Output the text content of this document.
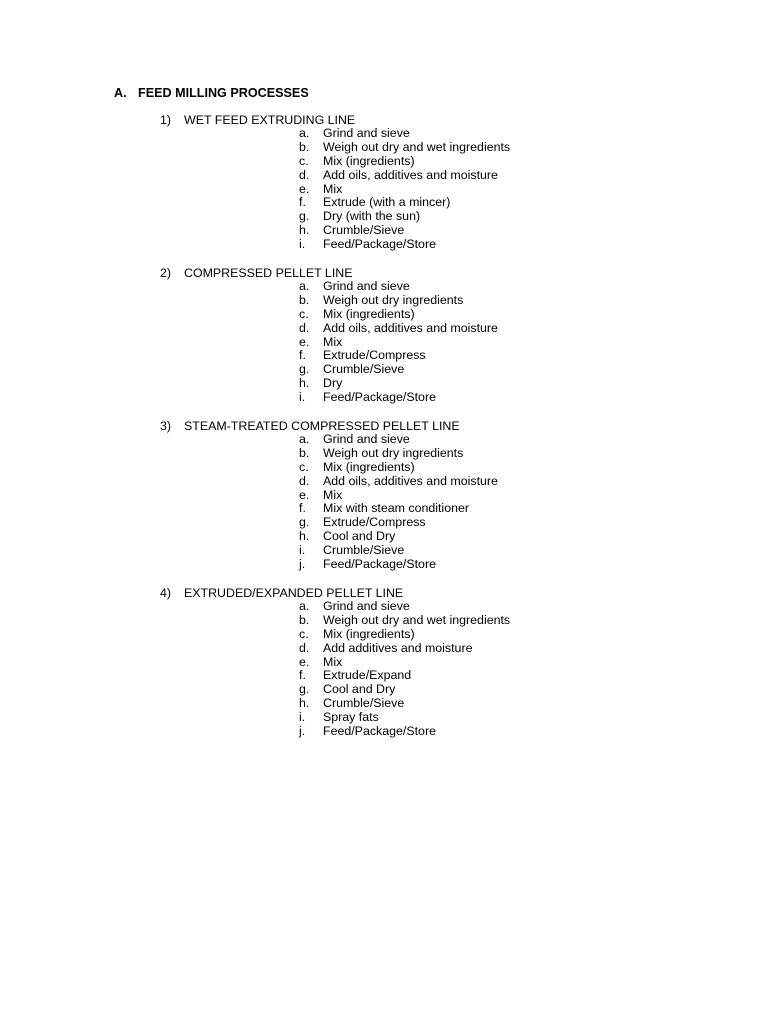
A. FEED MILLING PROCESSES
1) WET FEED EXTRUDING LINE
a. Grind and sieve
b. Weigh out dry and wet ingredients
c. Mix (ingredients)
d. Add oils, additives and moisture
e. Mix
f. Extrude (with a mincer)
g. Dry (with the sun)
h. Crumble/Sieve
i. Feed/Package/Store
2) COMPRESSED PELLET LINE
a. Grind and sieve
b. Weigh out dry ingredients
c. Mix (ingredients)
d. Add oils, additives and moisture
e. Mix
f. Extrude/Compress
g. Crumble/Sieve
h. Dry
i. Feed/Package/Store
3) STEAM-TREATED COMPRESSED PELLET LINE
a. Grind and sieve
b. Weigh out dry ingredients
c. Mix (ingredients)
d. Add oils, additives and moisture
e. Mix
f. Mix with steam conditioner
g. Extrude/Compress
h. Cool and Dry
i. Crumble/Sieve
j. Feed/Package/Store
4) EXTRUDED/EXPANDED PELLET LINE
a. Grind and sieve
b. Weigh out dry and wet ingredients
c. Mix (ingredients)
d. Add additives and moisture
e. Mix
f. Extrude/Expand
g. Cool and Dry
h. Crumble/Sieve
i. Spray fats
j. Feed/Package/Store
